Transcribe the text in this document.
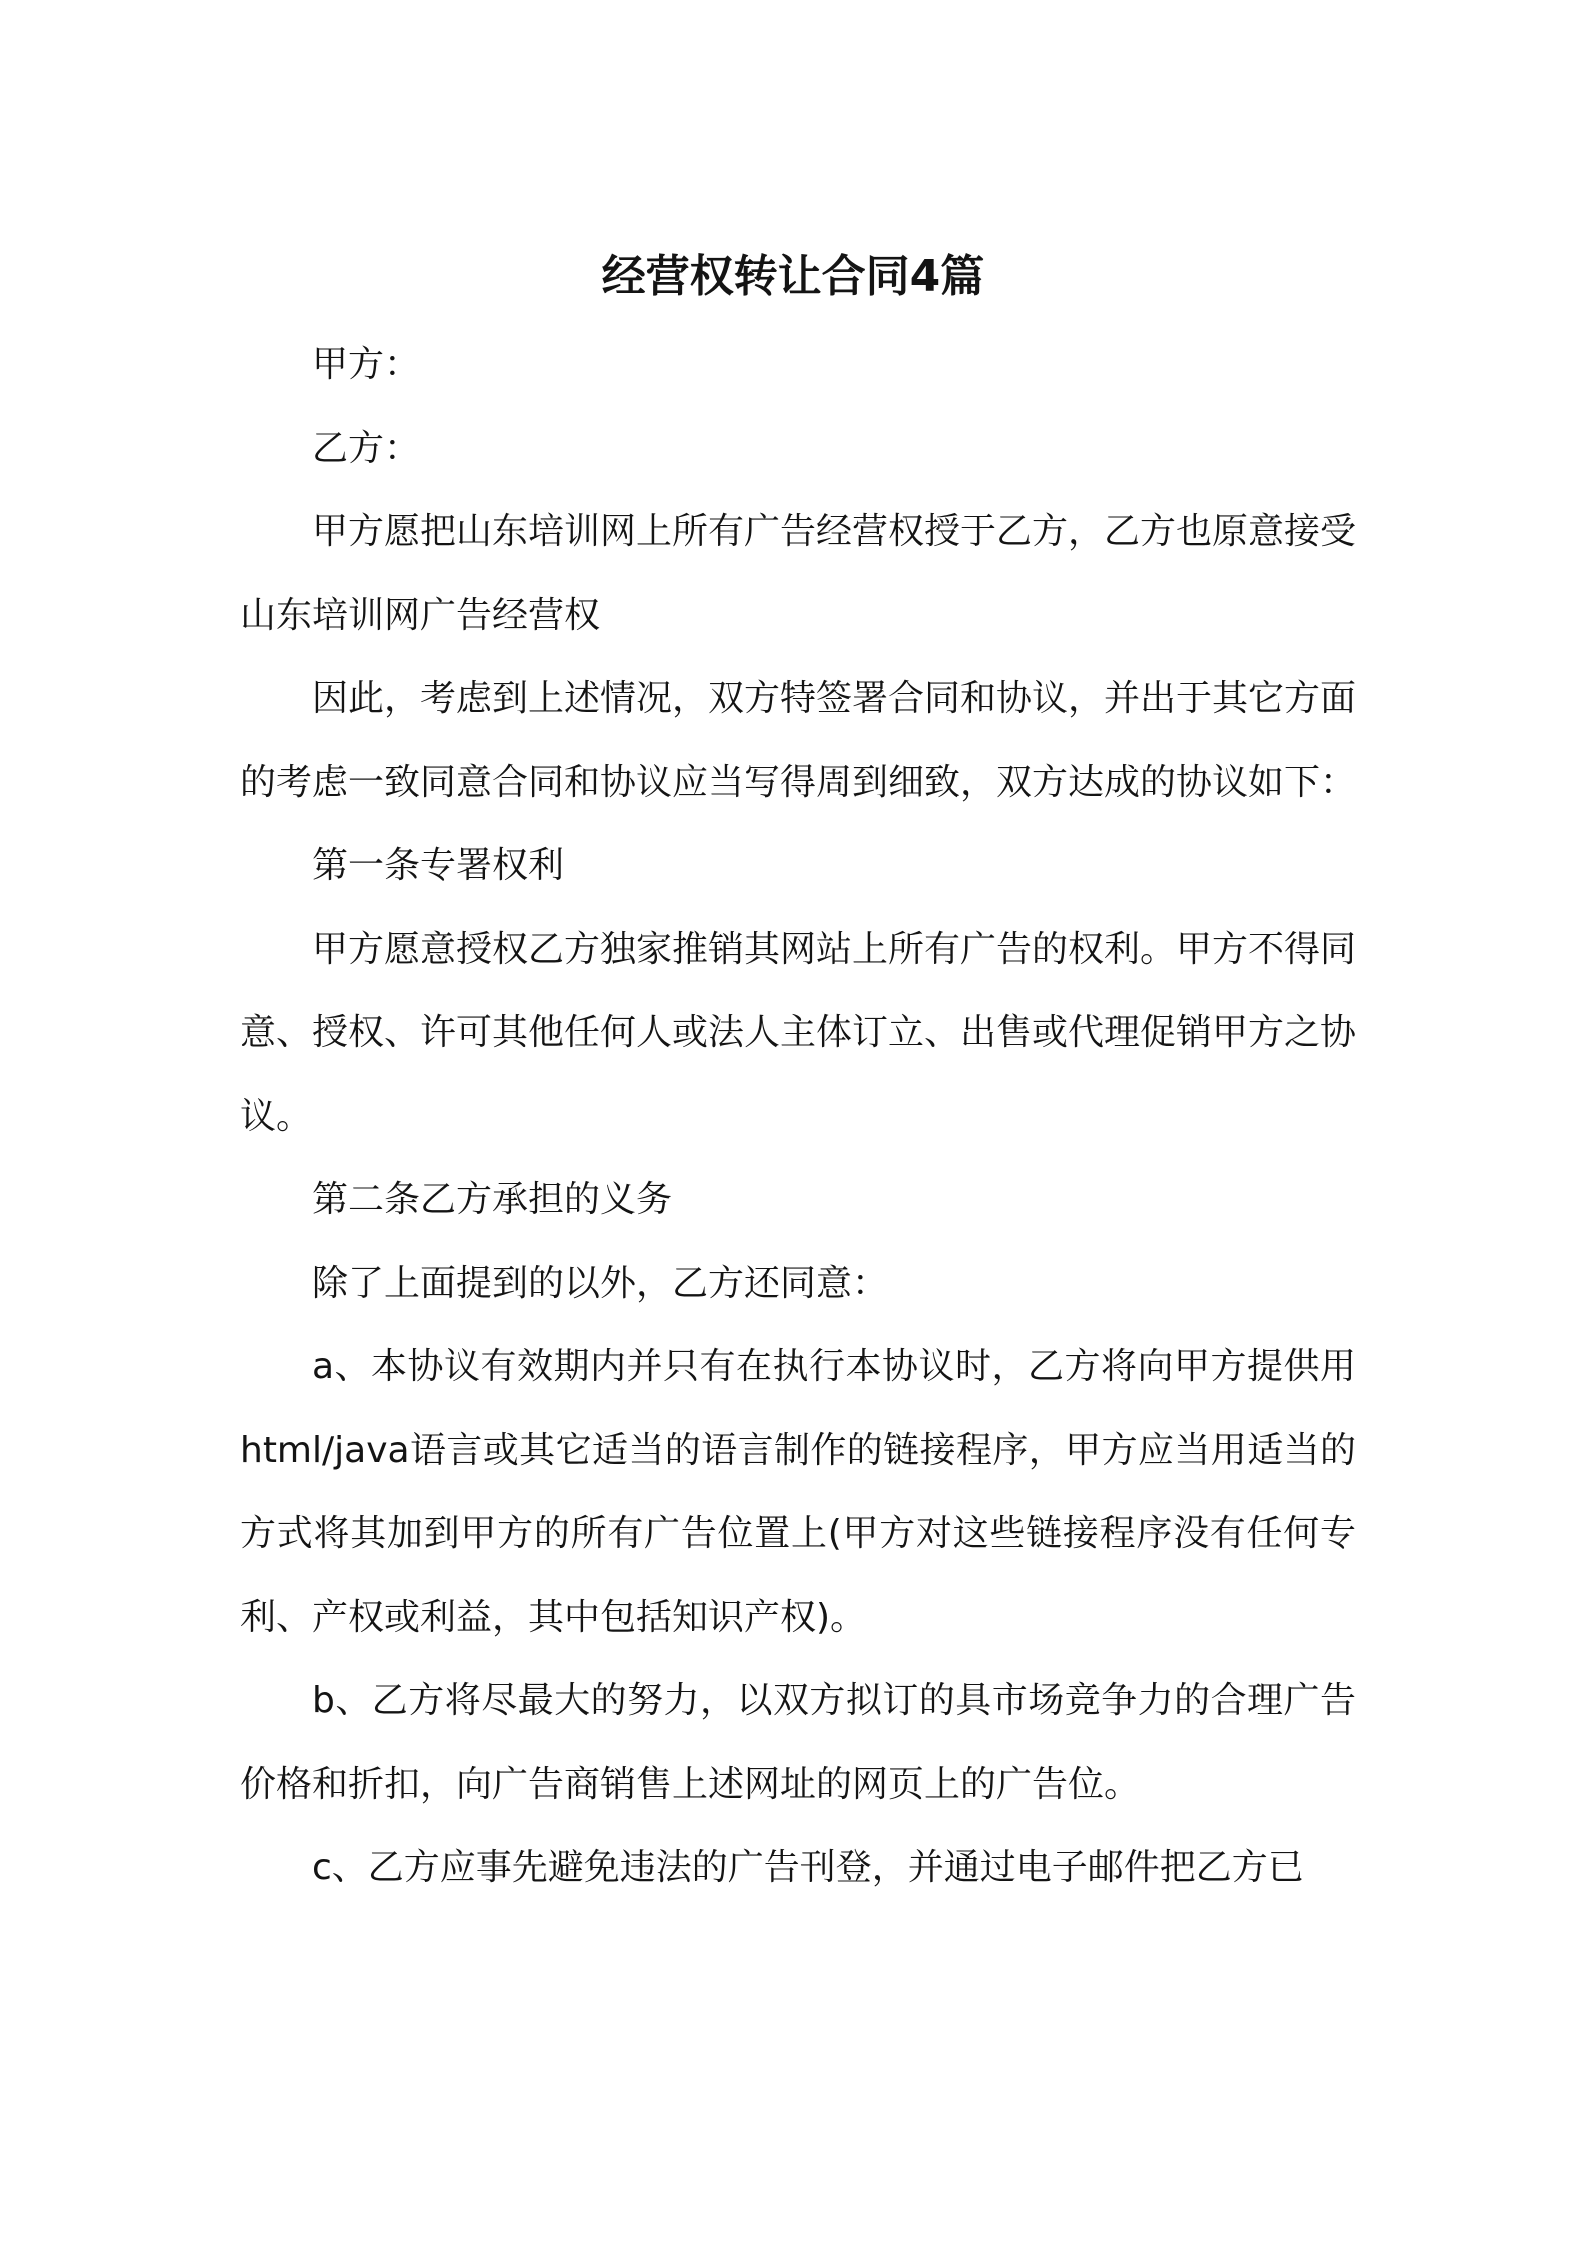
经营权转让合同4篇

甲方：

乙方：

甲方愿把山东培训网上所有广告经营权授于乙方，乙方也原意接受山东培训网广告经营权

因此，考虑到上述情况，双方特签署合同和协议，并出于其它方面的考虑一致同意合同和协议应当写得周到细致，双方达成的协议如下：

第一条专署权利

甲方愿意授权乙方独家推销其网站上所有广告的权利。甲方不得同意、授权、许可其他任何人或法人主体订立、出售或代理促销甲方之协议。

第二条乙方承担的义务

除了上面提到的以外，乙方还同意：

a、本协议有效期内并只有在执行本协议时，乙方将向甲方提供用html/java语言或其它适当的语言制作的链接程序，甲方应当用适当的方式将其加到甲方的所有广告位置上(甲方对这些链接程序没有任何专利、产权或利益，其中包括知识产权)。

b、乙方将尽最大的努力，以双方拟订的具市场竞争力的合理广告价格和折扣，向广告商销售上述网址的网页上的广告位。

c、乙方应事先避免违法的广告刊登，并通过电子邮件把乙方已
